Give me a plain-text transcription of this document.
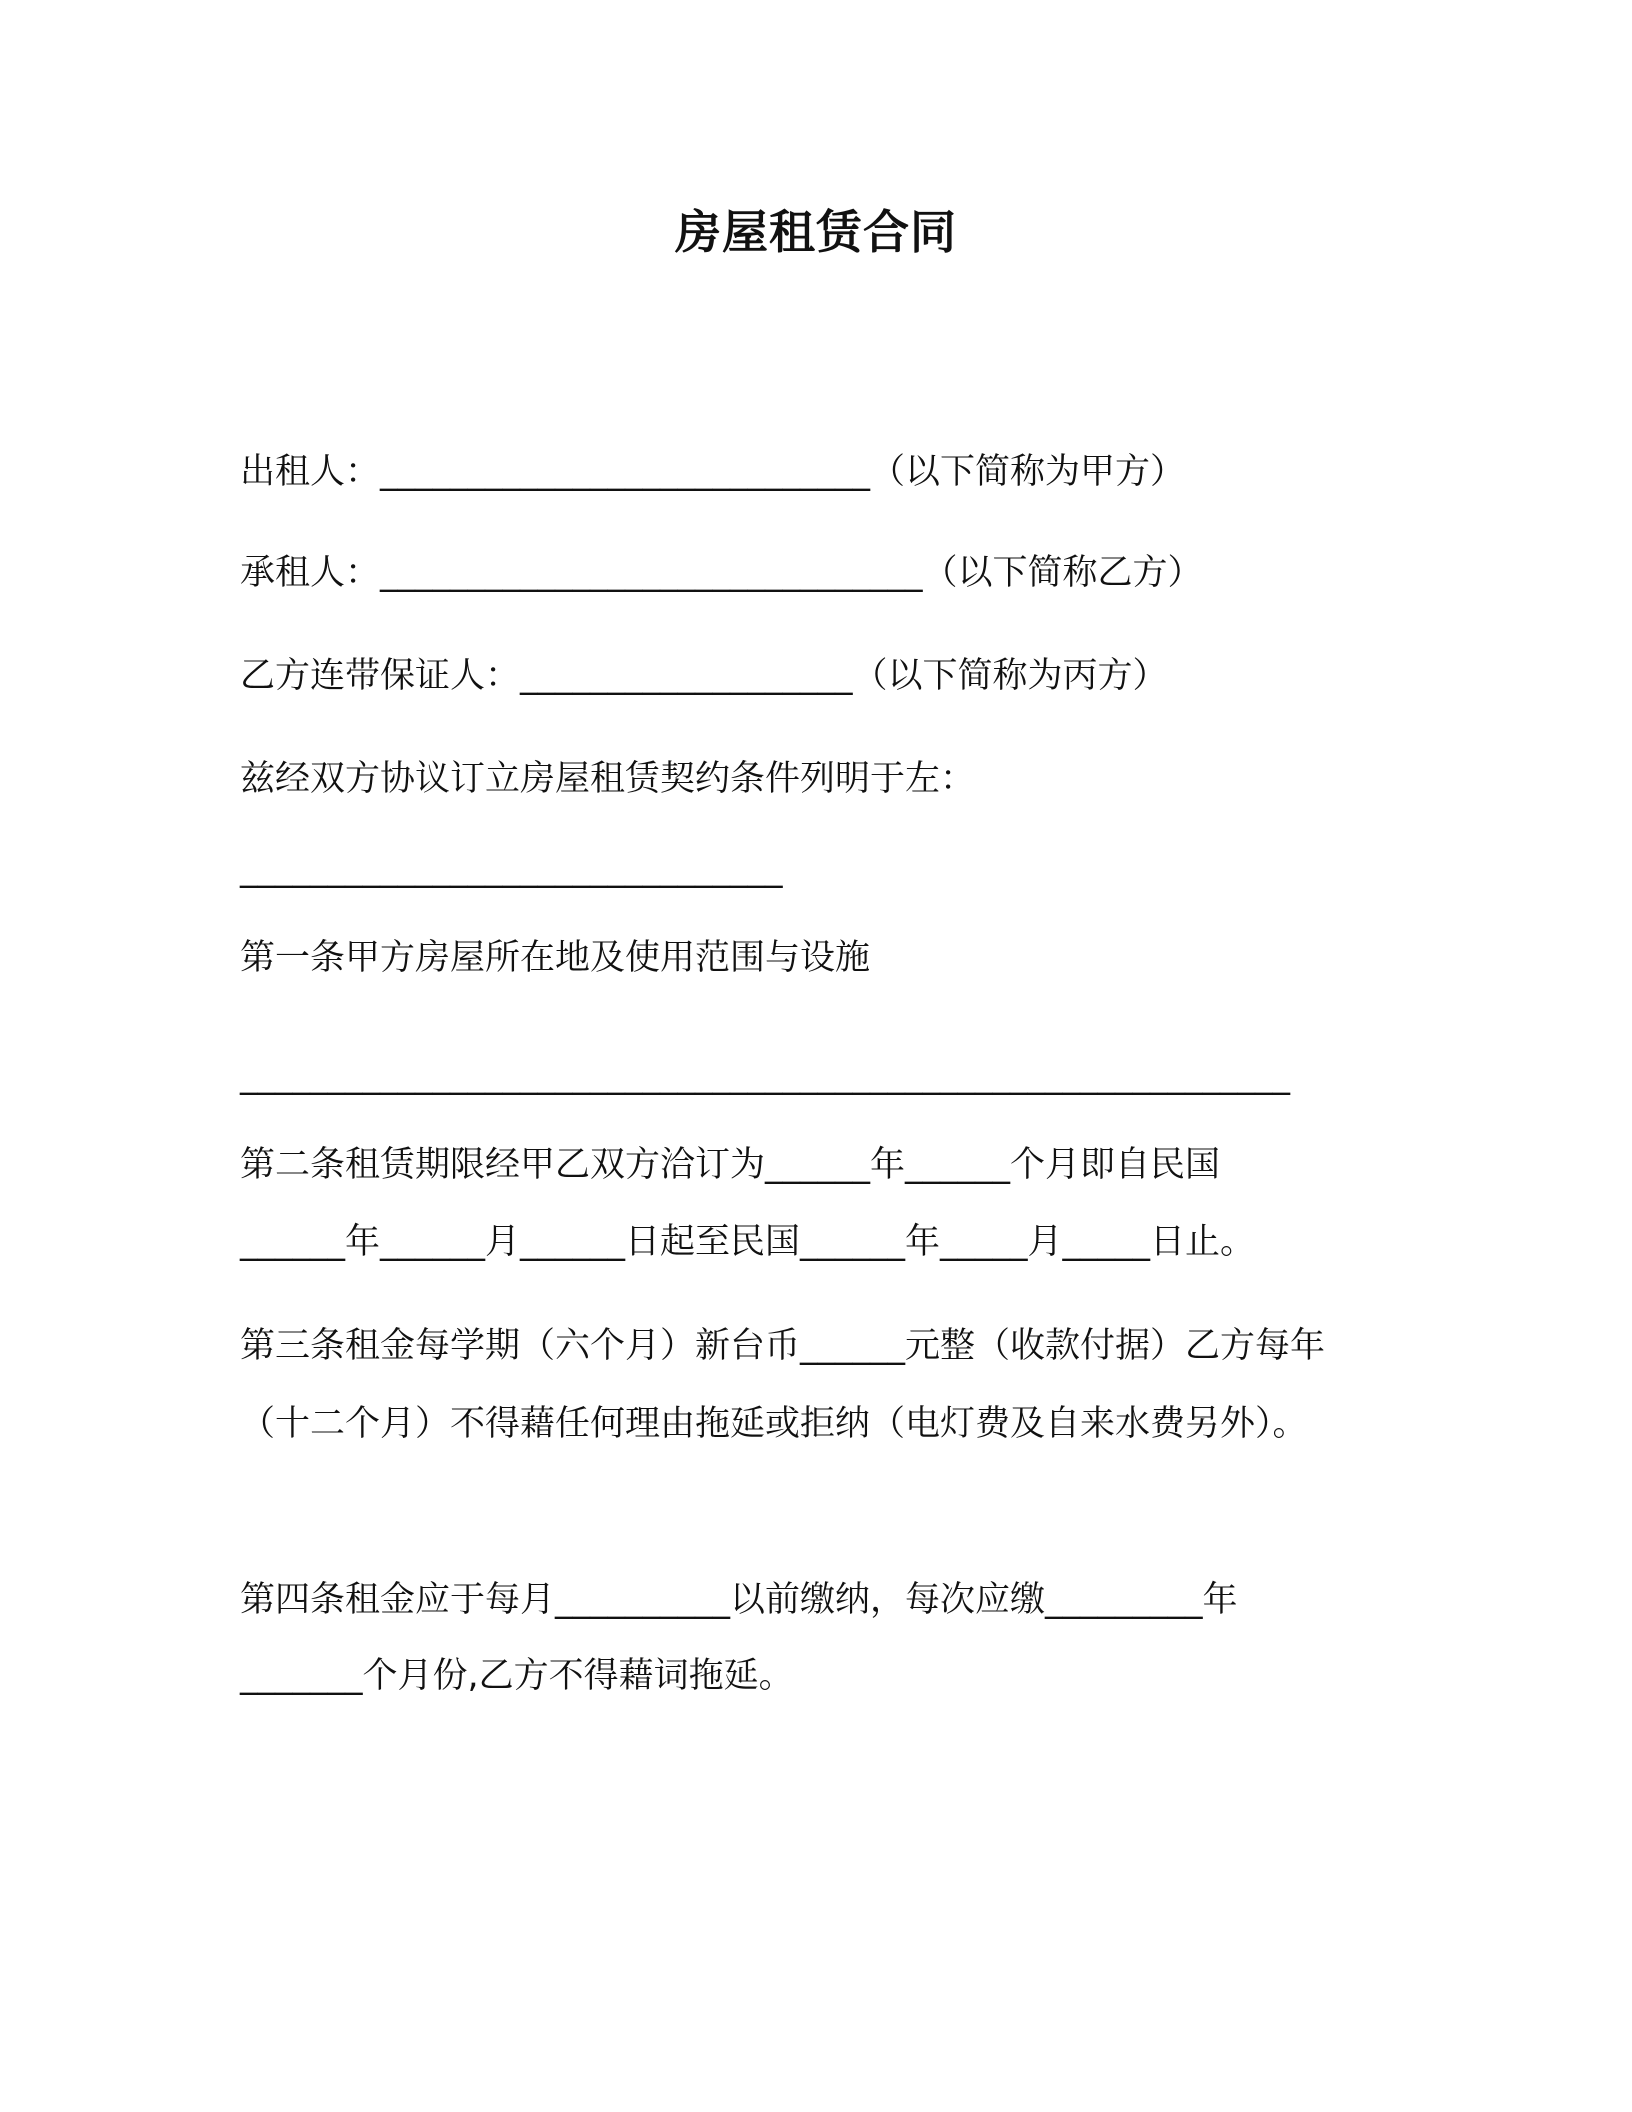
房屋租赁合同
出租人：____________________________（以下简称为甲方）
承租人：_______________________________（以下简称乙方）
乙方连带保证人：___________________（以下简称为丙方）
兹经双方协议订立房屋租赁契约条件列明于左：
_______________________________
第一条甲方房屋所在地及使用范围与设施
____________________________________________________________
第二条租赁期限经甲乙双方洽订为______年______个月即自民国
______年______月______日起至民国______年_____月_____日止。
第三条租金每学期（六个月）新台币______元整（收款付据）乙方每年（十二个月）不得藉任何理由拖延或拒纳（电灯费及自来水费另外）。
第四条租金应于每月__________以前缴纳，每次应缴_________年
_______个月份,乙方不得藉词拖延。
